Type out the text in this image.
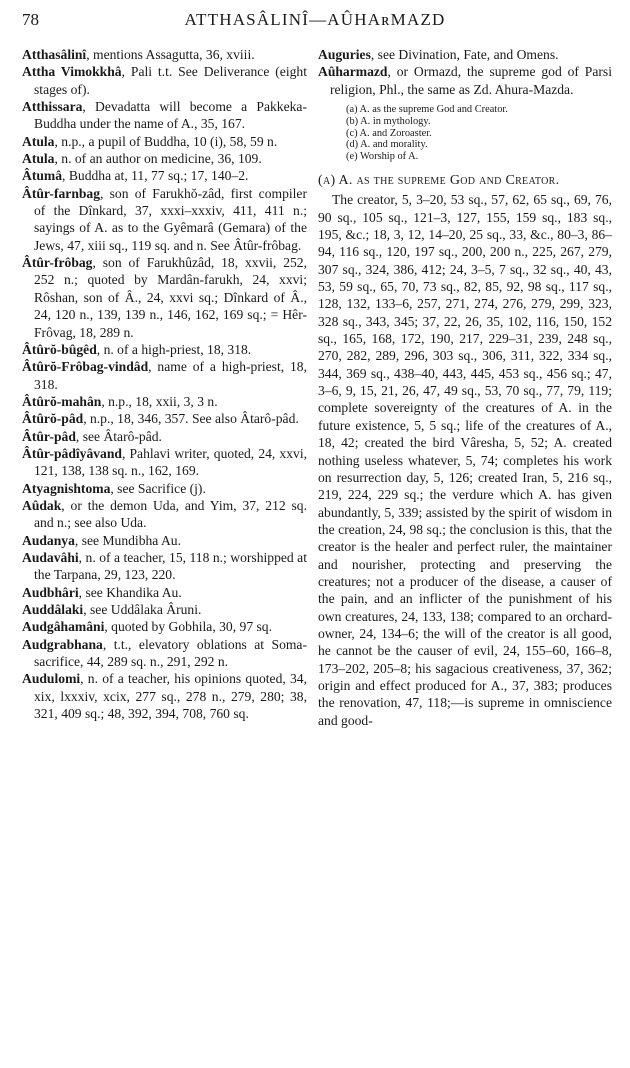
78	ATTHASÂLINÎ—AÛHAʀMAZD

Atthasâlinî, mentions Assagutta, 36, xviii.

Attha Vimokkhâ, Pali t.t. See Deliverance (eight stages of).

Atthissara, Devadatta will become a Pakkeka-Buddha under the name of A., 35, 167.

Atula, n.p., a pupil of Buddha, 10 (i), 58, 59 n.

Atula, n. of an author on medicine, 36, 109.

Âtumâ, Buddha at, 11, 77 sq.; 17, 140–2.

Âtûr-farnbag, son of Farukhŏ-zâd, first compiler of the Dînkard, 37, xxxi–xxxiv, 411, 411 n.; sayings of A. as to the Gyêmarâ (Gemara) of the Jews, 47, xiii sq., 119 sq. and n. See Âtûr-frôbag.

Âtûr-frôbag, son of Farukhûzâd, 18, xxvii, 252, 252 n.; quoted by Mardân-farukh, 24, xxvi; Rôshan, son of Â., 24, xxvi sq.; Dînkard of Â., 24, 120 n., 139, 139 n., 146, 162, 169 sq.; = Hêr-Frôvag, 18, 289 n.

Âtûrŏ-bûgêd, n. of a high-priest, 18, 318.

Âtûrŏ-Frôbag-vindâd, name of a high-priest, 18, 318.

Âtûrŏ-mahân, n.p., 18, xxii, 3, 3 n.

Âtûrŏ-pâd, n.p., 18, 346, 357. See also Âtarô-pâd.

Âtûr-pâd, see Âtarô-pâd.

Âtûr-pâdîyâvand, Pahlavi writer, quoted, 24, xxvi, 121, 138, 138 sq. n., 162, 169.

Atyagnishtoma, see Sacrifice (j).

Aûdak, or the demon Uda, and Yim, 37, 212 sq. and n.; see also Uda.

Audanya, see Mundibha Au.

Audavâhi, n. of a teacher, 15, 118 n.; worshipped at the Tarpana, 29, 123, 220.

Audbhâri, see Khandika Au.

Auddâlaki, see Uddâlaka Âruni.

Audgâhamâni, quoted by Gobhila, 30, 97 sq.

Audgrabhana, t.t., elevatory oblations at Soma-sacrifice, 44, 289 sq. n., 291, 292 n.

Audulomi, n. of a teacher, his opinions quoted, 34, xix, lxxxiv, xcix, 277 sq., 278 n., 279, 280; 38, 321, 409 sq.; 48, 392, 394, 708, 760 sq.

Auguries, see Divination, Fate, and Omens.

Aûharmazd, or Ormazd, the supreme god of Parsi religion, Phl., the same as Zd. Ahura-Mazda.

(a) A. as the supreme God and Creator.
(b) A. in mythology.
(c) A. and Zoroaster.
(d) A. and morality.
(e) Worship of A.

(a) A. as the supreme God and Creator.

The creator, 5, 3–20, 53 sq., 57, 62, 65 sq., 69, 76, 90 sq., 105 sq., 121–3, 127, 155, 159 sq., 183 sq., 195, &c.; 18, 3, 12, 14–20, 25 sq., 33, &c., 80–3, 86–94, 116 sq., 120, 197 sq., 200, 200 n., 225, 267, 279, 307 sq., 324, 386, 412; 24, 3–5, 7 sq., 32 sq., 40, 43, 53, 59 sq., 65, 70, 73 sq., 82, 85, 92, 98 sq., 117 sq., 128, 132, 133–6, 257, 271, 274, 276, 279, 299, 323, 328 sq., 343, 345; 37, 22, 26, 35, 102, 116, 150, 152 sq., 165, 168, 172, 190, 217, 229–31, 239, 248 sq., 270, 282, 289, 296, 303 sq., 306, 311, 322, 334 sq., 344, 369 sq., 438–40, 443, 445, 453 sq., 456 sq.; 47, 3–6, 9, 15, 21, 26, 47, 49 sq., 53, 70 sq., 77, 79, 119; complete sovereignty of the creatures of A. in the future existence, 5, 5 sq.; life of the creatures of A., 18, 42; created the bird Vâresha, 5, 52; A. created nothing useless whatever, 5, 74; completes his work on resurrection day, 5, 126; created Iran, 5, 216 sq., 219, 224, 229 sq.; the verdure which A. has given abundantly, 5, 339; assisted by the spirit of wisdom in the creation, 24, 98 sq.; the conclusion is this, that the creator is the healer and perfect ruler, the maintainer and nourisher, protecting and preserving the creatures; not a producer of the disease, a causer of the pain, and an inflicter of the punishment of his own creatures, 24, 133, 138; compared to an orchard-owner, 24, 134–6; the will of the creator is all good, he cannot be the causer of evil, 24, 155–60, 166–8, 173–202, 205–8; his sagacious creativeness, 37, 362; origin and effect produced for A., 37, 383; produces the renovation, 47, 118;—is supreme in omniscience and good-
